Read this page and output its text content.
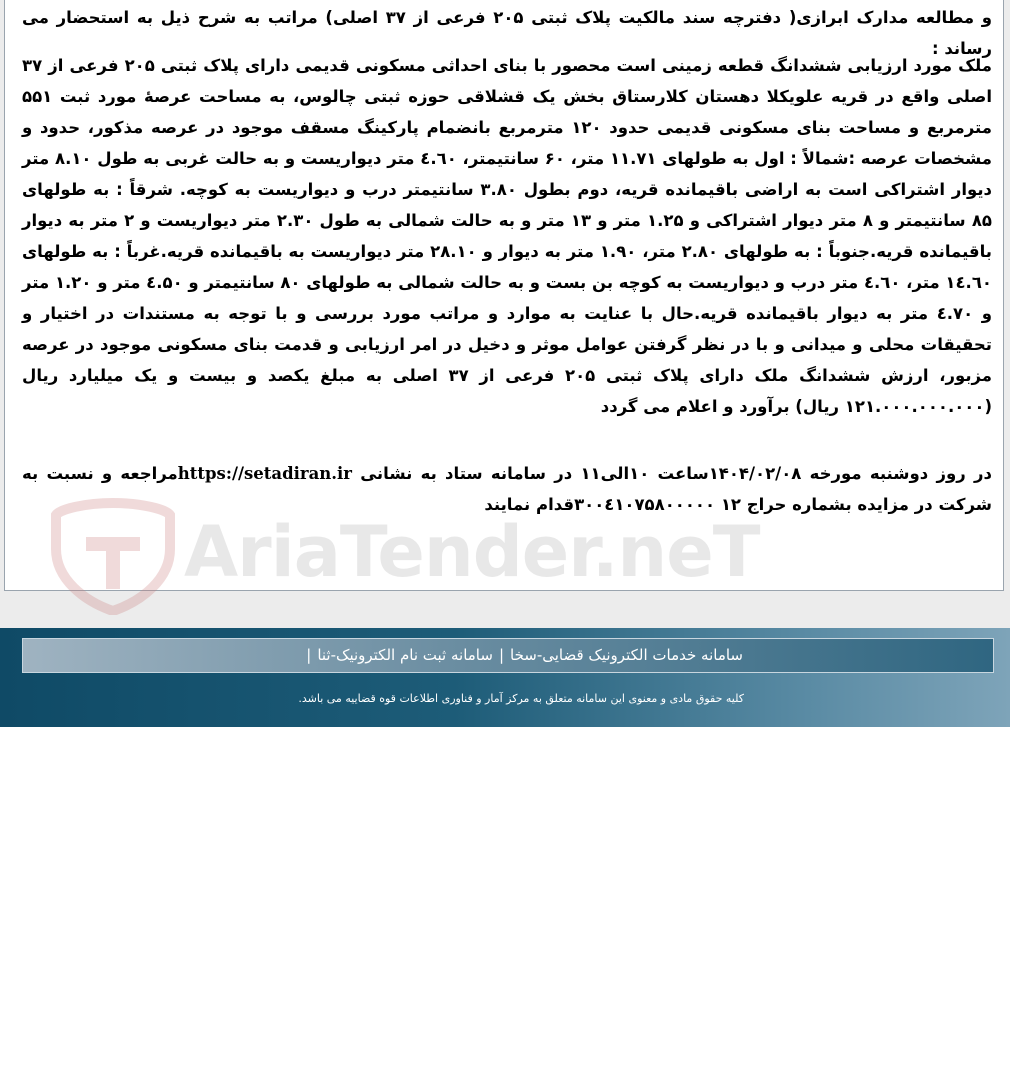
AriaTender.neT

و مطالعه مدارک ابرازی( دفترچه سند مالکیت پلاک ثبتی ۲۰۵ فرعی از ۳۷ اصلی) مراتب به شرح ذیل به استحضار می رساند :

ملک مورد ارزیابی ششدانگ قطعه زمینی است محصور با بنای احداثی مسکونی قدیمی دارای پلاک ثبتی ۲۰۵ فرعی از ۳۷ اصلی واقع در قریه علویکلا دهستان کلارستاق بخش یک قشلاقی حوزه ثبتی چالوس، به مساحت عرصهٔ مورد ثبت ۵۵۱ مترمربع و مساحت بنای مسکونی قدیمی حدود ۱۲۰ مترمربع بانضمام پارکینگ مسقف موجود در عرصه مذکور، حدود و مشخصات عرصه :شمالاً : اول به طولهای ۱۱.۷۱ متر، ۶۰ سانتیمتر، ٤.٦٠ متر دیواریست و به حالت غربی به طول ۸.۱۰ متر دیوار اشتراکی است به اراضی باقیمانده قریه، دوم بطول ۳.۸۰ سانتیمتر درب و دیواریست به کوچه. شرقاً : به طولهای ۸۵ سانتیمتر و ۸ متر دیوار اشتراکی و ۱.۲۵ متر و ۱۳ متر و به حالت شمالی به طول ۲.۳۰ متر دیواریست و ۲ متر به دیوار باقیمانده قریه.جنوباً : به طولهای ۲.۸۰ متر، ۱.۹۰ متر به دیوار و ۲۸.۱۰ متر دیواریست به باقیمانده قریه.غرباً : به طولهای ۱٤.٦٠ متر، ٤.٦٠ متر درب و دیواریست به کوچه بن بست و به حالت شمالی به طولهای ۸۰ سانتیمتر و ٤.۵۰ متر و ۱.۲۰ متر و ٤.۷۰ متر به دیوار باقیمانده قریه.حال با عنایت به موارد و مراتب مورد بررسی و با توجه به مستندات در اختیار و تحقیقات محلی و میدانی و با در نظر گرفتن عوامل موثر و دخیل در امر ارزیابی و قدمت بنای مسکونی موجود در عرصه مزبور، ارزش ششدانگ ملک دارای پلاک ثبتی ۲۰۵ فرعی از ۳۷ اصلی به مبلغ یکصد و بیست و یک میلیارد ریال (۱۲۱.۰۰۰.۰۰۰.۰۰۰ ریال) برآورد و اعلام می گردد

در روز دوشنبه مورخه ۱۴۰۴/۰۲/۰۸ساعت ۱۰الی۱۱ در سامانه ستاد به نشانی https://setadiran.irمراجعه و نسبت به شرکت در مزایده بشماره حراج ۱۲ ۳۰۰٤۱۰۷۵۸۰۰۰۰۰قدام نمایند

سامانه خدمات الکترونیک قضایی-سخا|سامانه ثبت نام الکترونیک-ثنا|
کلیه حقوق مادی و معنوی این سامانه متعلق به مرکز آمار و فناوری اطلاعات قوه قضاییه می باشد.
